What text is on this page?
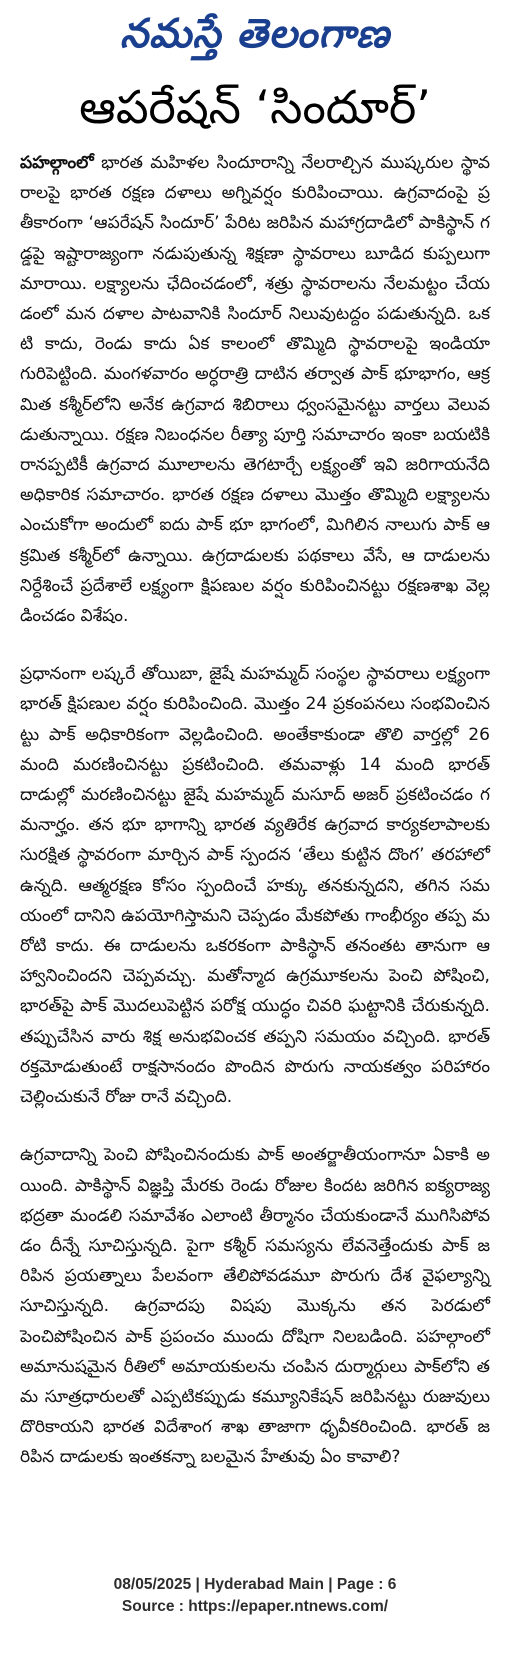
నమస్తే తెలంగాణ
ఆపరేషన్ ‘సిందూర్’

పహల్గాంలో భారత మహిళల సిందూరాన్ని నేలరాల్చిన ముష్కరుల స్థావరాలపై భారత రక్షణ దళాలు అగ్నివర్షం కురిపించాయి. ఉగ్రవాదంపై ప్రతీకారంగా ‘ఆపరేషన్ సిందూర్’ పేరిట జరిపిన మహాగ్రదాడిలో పాకిస్థాన్ గడ్డపై ఇష్టారాజ్యంగా నడుపుతున్న శిక్షణా స్థావరాలు బూడిద కుప్పలుగా మారాయి. లక్ష్యాలను ఛేదించడంలో, శత్రు స్థావరాలను నేలమట్టం చేయడంలో మన దళాల పాటవానికి సిందూర్ నిలువుటద్దం పడుతున్నది. ఒకటి కాదు, రెండు కాదు ఏక కాలంలో తొమ్మిది స్థావరాలపై ఇండియా గురిపెట్టింది. మంగళవారం అర్ధరాత్రి దాటిన తర్వాత పాక్ భూభాగం, ఆక్రమిత కశ్మీర్‌లోని అనేక ఉగ్రవాద శిబిరాలు ధ్వంసమైనట్టు వార్తలు వెలువడుతున్నాయి. రక్షణ నిబంధనల రీత్యా పూర్తి సమాచారం ఇంకా బయటికి రానప్పటికీ ఉగ్రవాద మూలాలను తెగటార్చే లక్ష్యంతో ఇవి జరిగాయనేది అధికారిక సమాచారం. భారత రక్షణ దళాలు మొత్తం తొమ్మిది లక్ష్యాలను ఎంచుకోగా అందులో ఐదు పాక్ భూ భాగంలో, మిగిలిన నాలుగు పాక్ ఆక్రమిత కశ్మీర్‌లో ఉన్నాయి. ఉగ్రదాడులకు పథకాలు వేసే, ఆ దాడులను నిర్దేశించే ప్రదేశాలే లక్ష్యంగా క్షిపణుల వర్షం కురిపించినట్టు రక్షణశాఖ వెల్లడించడం విశేషం.

ప్రధానంగా లష్కరే తోయిబా, జైషే మహమ్మద్ సంస్థల స్థావరాలు లక్ష్యంగా భారత్ క్షిపణుల వర్షం కురిపించింది. మొత్తం 24 ప్రకంపనలు సంభవించినట్టు పాక్ అధికారికంగా వెల్లడించింది. అంతేకాకుండా తొలి వార్తల్లో 26 మంది మరణించినట్టు ప్రకటించింది. తమవాళ్లు 14 మంది భారత్ దాడుల్లో మరణించినట్టు జైషే మహమ్మద్ మసూద్ అజర్ ప్రకటించడం గమనార్హం. తన భూ భాగాన్ని భారత వ్యతిరేక ఉగ్రవాద కార్యకలాపాలకు సురక్షిత స్థావరంగా మార్చిన పాక్ స్పందన ‘తేలు కుట్టిన దొంగ’ తరహాలో ఉన్నది. ఆత్మరక్షణ కోసం స్పందించే హక్కు తనకున్నదని, తగిన సమయంలో దానిని ఉపయోగిస్తామని చెప్పడం మేకపోతు గాంభీర్యం తప్ప మరోటి కాదు. ఈ దాడులను ఒకరకంగా పాకిస్థాన్ తనంతట తానుగా ఆహ్వానించిందని చెప్పవచ్చు. మతోన్మాద ఉగ్రమూకలను పెంచి పోషించి, భారత్‌పై పాక్ మొదలుపెట్టిన పరోక్ష యుద్ధం చివరి ఘట్టానికి చేరుకున్నది. తప్పుచేసిన వారు శిక్ష అనుభవించక తప్పని సమయం వచ్చింది. భారత్ రక్తమోడుతుంటే రాక్షసానందం పొందిన పొరుగు నాయకత్వం పరిహారం చెల్లించుకునే రోజు రానే వచ్చింది.

ఉగ్రవాదాన్ని పెంచి పోషించినందుకు పాక్ అంతర్జాతీయంగానూ ఏకాకి అయింది. పాకిస్థాన్ విజ్ఞప్తి మేరకు రెండు రోజుల కిందట జరిగిన ఐక్యరాజ్య భద్రతా మండలి సమావేశం ఎలాంటి తీర్మానం చేయకుండానే ముగిసిపోవడం దీన్నే సూచిస్తున్నది. పైగా కశ్మీర్ సమస్యను లేవనెత్తేందుకు పాక్ జరిపిన ప్రయత్నాలు పేలవంగా తేలిపోవడమూ పొరుగు దేశ వైఫల్యాన్ని సూచిస్తున్నది. ఉగ్రవాదపు విషపు మొక్కను తన పెరడులో పెంచిపోషించిన పాక్ ప్రపంచం ముందు దోషిగా నిలబడింది. పహల్గాంలో అమానుషమైన రీతిలో అమాయకులను చంపిన దుర్మార్గులు పాక్‌లోని తమ సూత్రధారులతో ఎప్పటికప్పుడు కమ్యూనికేషన్ జరిపినట్టు రుజువులు దొరికాయని భారత విదేశాంగ శాఖ తాజాగా ధృవీకరించింది. భారత్ జరిపిన దాడులకు ఇంతకన్నా బలమైన హేతువు ఏం కావాలి?

08/05/2025 | Hyderabad Main | Page : 6
Source : https://epaper.ntnews.com/
